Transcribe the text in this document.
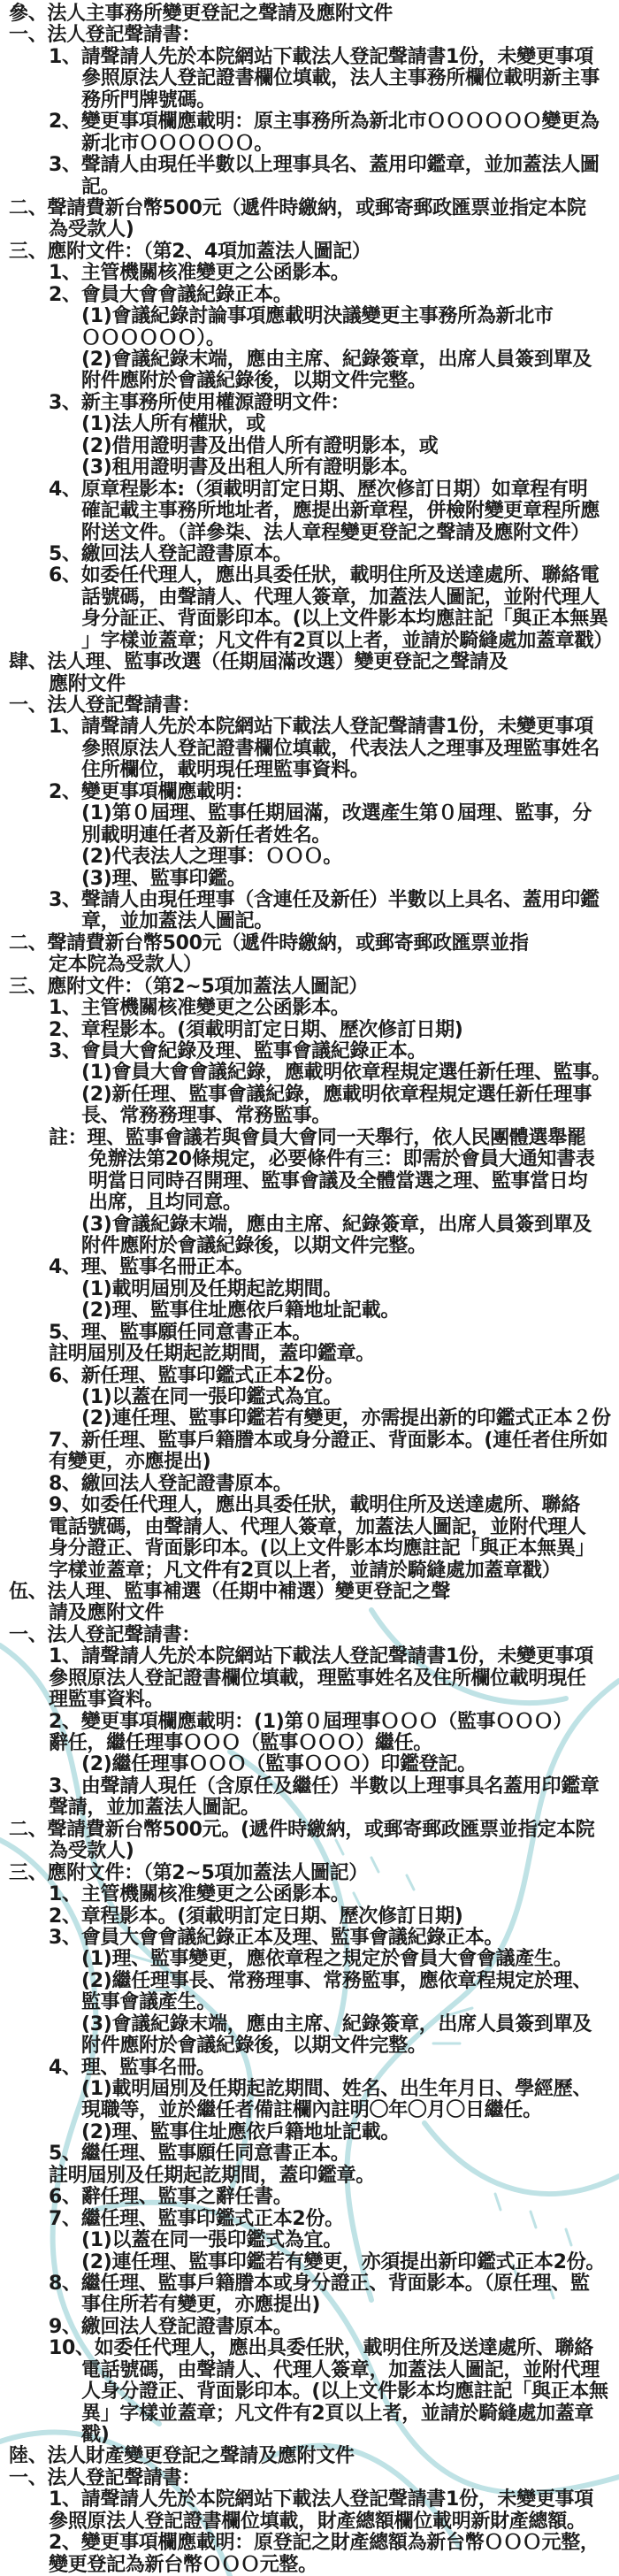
參、法人主事務所變更登記之聲請及應附文件
一、法人登記聲請書：
1、請聲請人先於本院網站下載法人登記聲請書1份，未變更事項
參照原法人登記證書欄位填載，法人主事務所欄位載明新主事
務所門牌號碼。
2、變更事項欄應載明：原主事務所為新北市ＯＯＯＯＯＯ變更為
新北市ＯＯＯＯＯＯ。
3、聲請人由現任半數以上理事具名、蓋用印鑑章，並加蓋法人圖
記。
二、聲請費新台幣500元（遞件時繳納，或郵寄郵政匯票並指定本院
為受款人)
三、應附文件：（第2、4項加蓋法人圖記）
1、主管機關核准變更之公函影本。
2、會員大會會議紀錄正本。
(1)會議紀錄討論事項應載明決議變更主事務所為新北市
ＯＯＯＯＯＯ）。
(2)會議紀錄末端，應由主席、紀錄簽章，出席人員簽到單及
附件應附於會議紀錄後，以期文件完整。
3、新主事務所使用權源證明文件：
(1)法人所有權狀，或
(2)借用證明書及出借人所有證明影本，或
(3)租用證明書及出租人所有證明影本。
4、原章程影本:（須載明訂定日期、歷次修訂日期）如章程有明
確記載主事務所地址者，應提出新章程，併檢附變更章程所應
附送文件。（詳參柒、法人章程變更登記之聲請及應附文件）
5、繳回法人登記證書原本。
6、如委任代理人，應出具委任狀，載明住所及送達處所、聯絡電
話號碼，由聲請人、代理人簽章，加蓋法人圖記，並附代理人
身分証正、背面影印本。(以上文件影本均應註記「與正本無異
」字樣並蓋章；凡文件有2頁以上者，並請於騎縫處加蓋章戳）
肆、法人理、監事改選（任期屆滿改選）變更登記之聲請及
應附文件
一、法人登記聲請書：
1、請聲請人先於本院網站下載法人登記聲請書1份，未變更事項
參照原法人登記證書欄位填載，代表法人之理事及理監事姓名
住所欄位，載明現任理監事資料。
2、變更事項欄應載明：
(1)第０屆理、監事任期屆滿，改選產生第０屆理、監事，分
別載明連任者及新任者姓名。
(2)代表法人之理事：ＯＯＯ。
(3)理、監事印鑑。
3、聲請人由現任理事（含連任及新任）半數以上具名、蓋用印鑑
章，並加蓋法人圖記。
二、聲請費新台幣500元（遞件時繳納，或郵寄郵政匯票並指
定本院為受款人）
三、應附文件：（第2~5項加蓋法人圖記）
1、主管機關核准變更之公函影本。
2、章程影本。(須載明訂定日期、歷次修訂日期)
3、會員大會紀錄及理、監事會議紀錄正本。
(1)會員大會會議紀錄，應載明依章程規定選任新任理、監事。
(2)新任理、監事會議紀錄，應載明依章程規定選任新任理事
長、常務務理事、常務監事。
註：理、監事會議若與會員大會同一天舉行，依人民團體選舉罷
免辦法第20條規定，必要條件有三：即需於會員大通知書表
明當日同時召開理、監事會議及全體當選之理、監事當日均
出席，且均同意。
(3)會議紀錄末端，應由主席、紀錄簽章，出席人員簽到單及
附件應附於會議紀錄後，以期文件完整。
4、理、監事名冊正本。
(1)載明屆別及任期起訖期間。
(2)理、監事住址應依戶籍地址記載。
5、理、監事願任同意書正本。
註明屆別及任期起訖期間，蓋印鑑章。
6、新任理、監事印鑑式正本2份。
(1)以蓋在同一張印鑑式為宜。
(2)連任理、監事印鑑若有變更，亦需提出新的印鑑式正本２份
7、新任理、監事戶籍謄本或身分證正、背面影本。(連任者住所如
有變更，亦應提出)
8、繳回法人登記證書原本。
9、如委任代理人，應出具委任狀，載明住所及送達處所、聯絡
電話號碼，由聲請人、代理人簽章，加蓋法人圖記，並附代理人
身分證正、背面影印本。(以上文件影本均應註記「與正本無異」
字樣並蓋章；凡文件有2頁以上者，並請於騎縫處加蓋章戳）
伍、法人理、監事補選（任期中補選）變更登記之聲
請及應附文件
一、法人登記聲請書：
1、請聲請人先於本院網站下載法人登記聲請書1份，未變更事項
參照原法人登記證書欄位填載，理監事姓名及住所欄位載明現任
理監事資料。
2、變更事項欄應載明：(1)第０屆理事ＯＯＯ（監事ＯＯＯ）
辭任，繼任理事ＯＯＯ（監事ＯＯＯ）繼任。
(2)繼任理事ＯＯＯ（監事ＯＯＯ）印鑑登記。
3、由聲請人現任（含原任及繼任）半數以上理事具名蓋用印鑑章
聲請，並加蓋法人圖記。
二、聲請費新台幣500元。(遞件時繳納，或郵寄郵政匯票並指定本院
為受款人)
三、應附文件：（第2~5項加蓋法人圖記）
1、主管機關核准變更之公函影本。
2、章程影本。(須載明訂定日期、歷次修訂日期)
3、會員大會會議紀錄正本及理、監事會議紀錄正本。
(1)理、監事變更，應依章程之規定於會員大會會議產生。
(2)繼任理事長、常務理事、常務監事，應依章程規定於理、
監事會議產生。
(3)會議紀錄末端，應由主席、紀錄簽章，出席人員簽到單及
附件應附於會議紀錄後，以期文件完整。
4、理、監事名冊。
(1)載明屆別及任期起訖期間、姓名、出生年月日、學經歷、
現職等，並於繼任者備註欄內註明〇年〇月〇日繼任。
(2)理、監事住址應依戶籍地址記載。
5、繼任理、監事願任同意書正本。
註明屆別及任期起訖期間，蓋印鑑章。
6、辭任理、監事之辭任書。
7、繼任理、監事印鑑式正本2份。
(1)以蓋在同一張印鑑式為宜。
(2)連任理、監事印鑑若有變更，亦須提出新印鑑式正本2份。
8、繼任理、監事戶籍謄本或身分證正、背面影本。（原任理、監
事住所若有變更，亦應提出)
9、繳回法人登記證書原本。
10、如委任代理人，應出具委任狀，載明住所及送達處所、聯絡
電話號碼，由聲請人、代理人簽章，加蓋法人圖記，並附代理
人身分證正、背面影印本。(以上文件影本均應註記「與正本無
異」字樣並蓋章；凡文件有2頁以上者，並請於騎縫處加蓋章
戳)
陸、法人財產變更登記之聲請及應附文件
一、法人登記聲請書：
1、請聲請人先於本院網站下載法人登記聲請書1份，未變更事項
參照原法人登記證書欄位填載，財產總額欄位載明新財產總額。
2、變更事項欄應載明：原登記之財產總額為新台幣ＯＯＯ元整，
變更登記為新台幣ＯＯＯ元整。
